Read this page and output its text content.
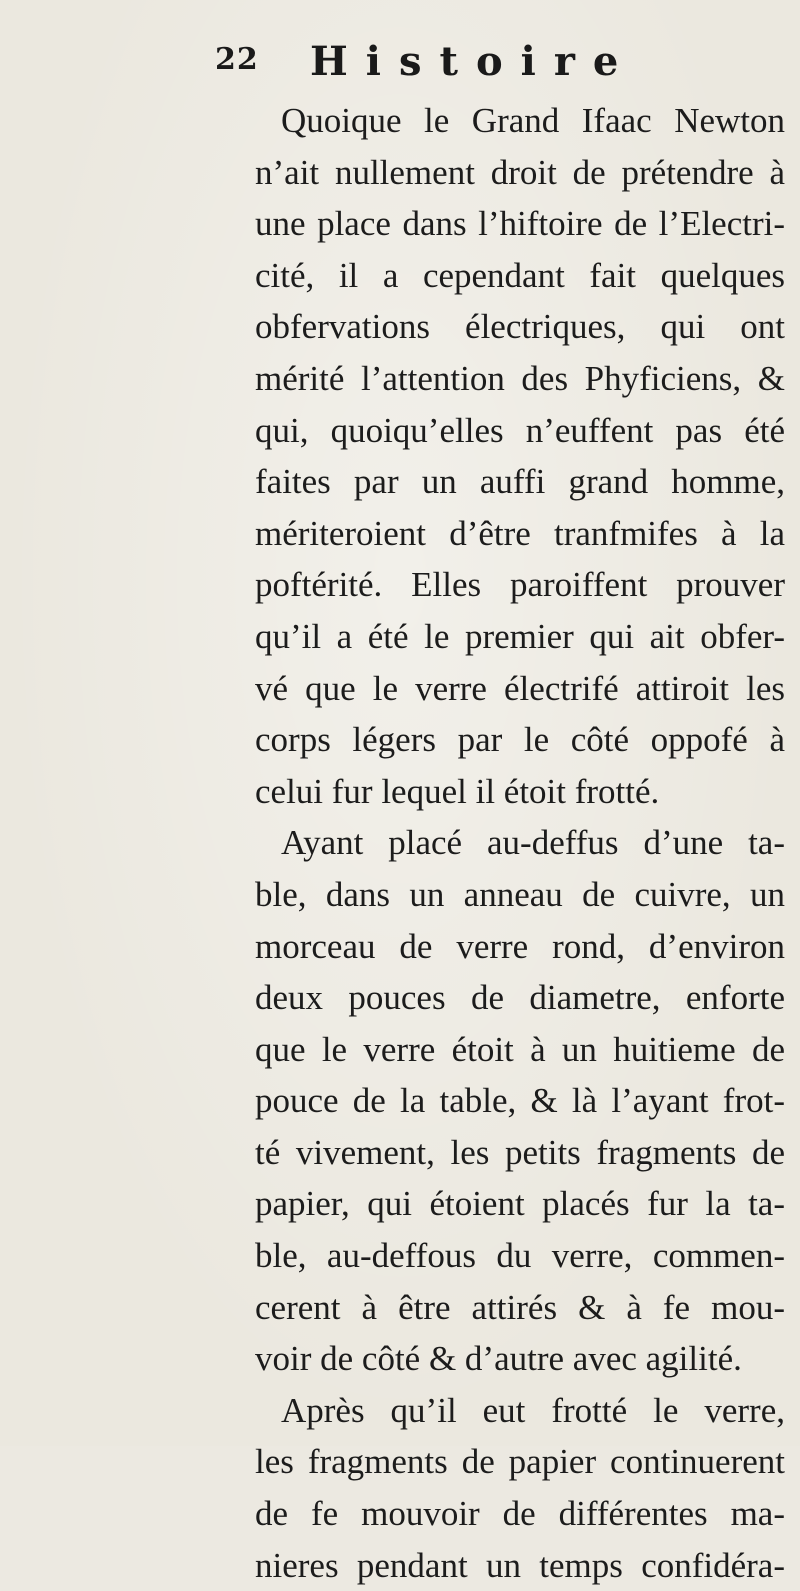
22 Histoire
Quoique le Grand Ifaac Newton
n’ait nullement droit de prétendre à
une place dans l’hiftoire de l’Electri-
cité, il a cependant fait quelques
obfervations électriques, qui ont
mérité l’attention des Phyficiens, &
qui, quoiqu’elles n’euffent pas été
faites par un auffi grand homme,
mériteroient d’être tranfmifes à la
poftérité. Elles paroiffent prouver
qu’il a été le premier qui ait obfer-
vé que le verre électrifé attiroit les
corps légers par le côté oppofé à
celui fur lequel il étoit frotté.
Ayant placé au-deffus d’une ta-
ble, dans un anneau de cuivre, un
morceau de verre rond, d’environ
deux pouces de diametre, enforte
que le verre étoit à un huitieme de
pouce de la table, & là l’ayant frot-
té vivement, les petits fragments de
papier, qui étoient placés fur la ta-
ble, au-deffous du verre, commen-
cerent à être attirés & à fe mou-
voir de côté & d’autre avec agilité.
Après qu’il eut frotté le verre,
les fragments de papier continuerent
de fe mouvoir de différentes ma-
nieres pendant un temps confidéra-
